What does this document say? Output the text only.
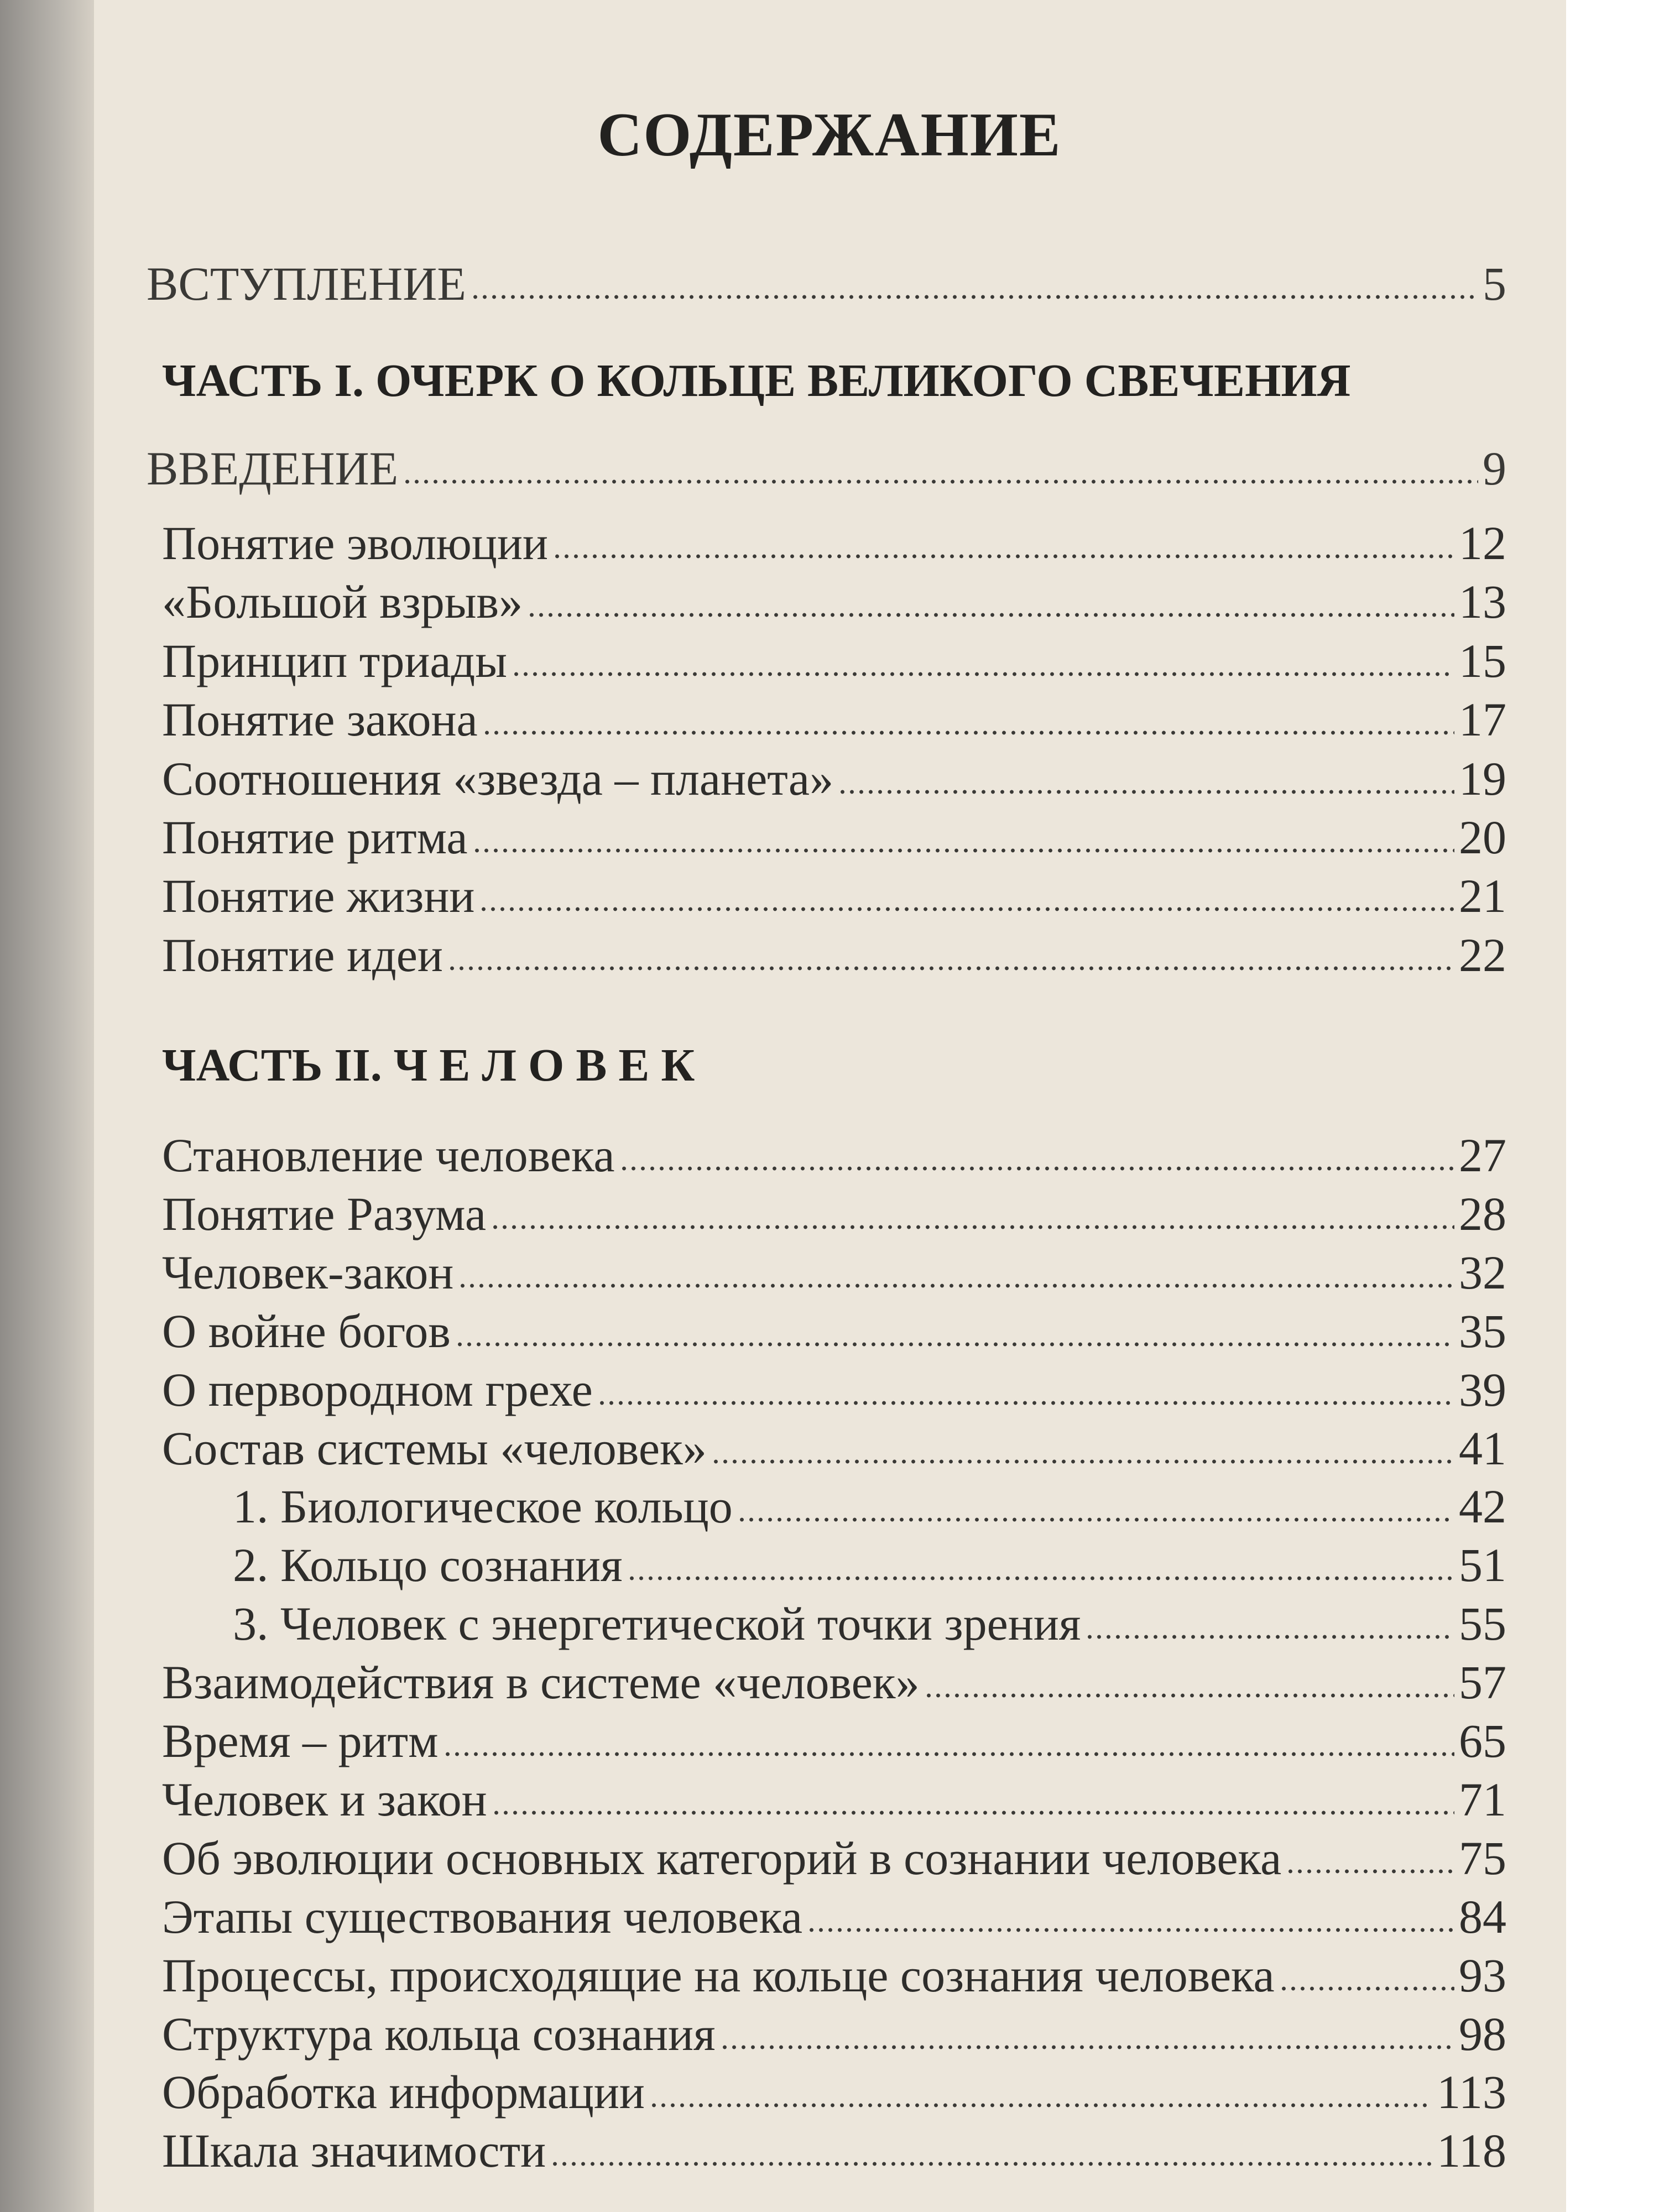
СОДЕРЖАНИЕ
ВСТУПЛЕНИЕ	5
ЧАСТЬ I. ОЧЕРК О КОЛЬЦЕ ВЕЛИКОГО СВЕЧЕНИЯ
ВВЕДЕНИЕ	9
Понятие эволюции	12
«Большой взрыв»	13
Принцип триады	15
Понятие закона	17
Соотношения «звезда – планета»	19
Понятие ритма	20
Понятие жизни	21
Понятие идеи	22
ЧАСТЬ II. Ч Е Л О В Е К
Становление человека	27
Понятие Разума	28
Человек-закон	32
О войне богов	35
О первородном грехе	39
Состав системы «человек»	41
1. Биологическое кольцо	42
2. Кольцо сознания	51
3. Человек с энергетической точки зрения	55
Взаимодействия в системе «человек»	57
Время – ритм	65
Человек и закон	71
Об эволюции основных категорий в сознании человека	75
Этапы существования человека	84
Процессы, происходящие на кольце сознания человека	93
Структура кольца сознания	98
Обработка информации	113
Шкала значимости	118
